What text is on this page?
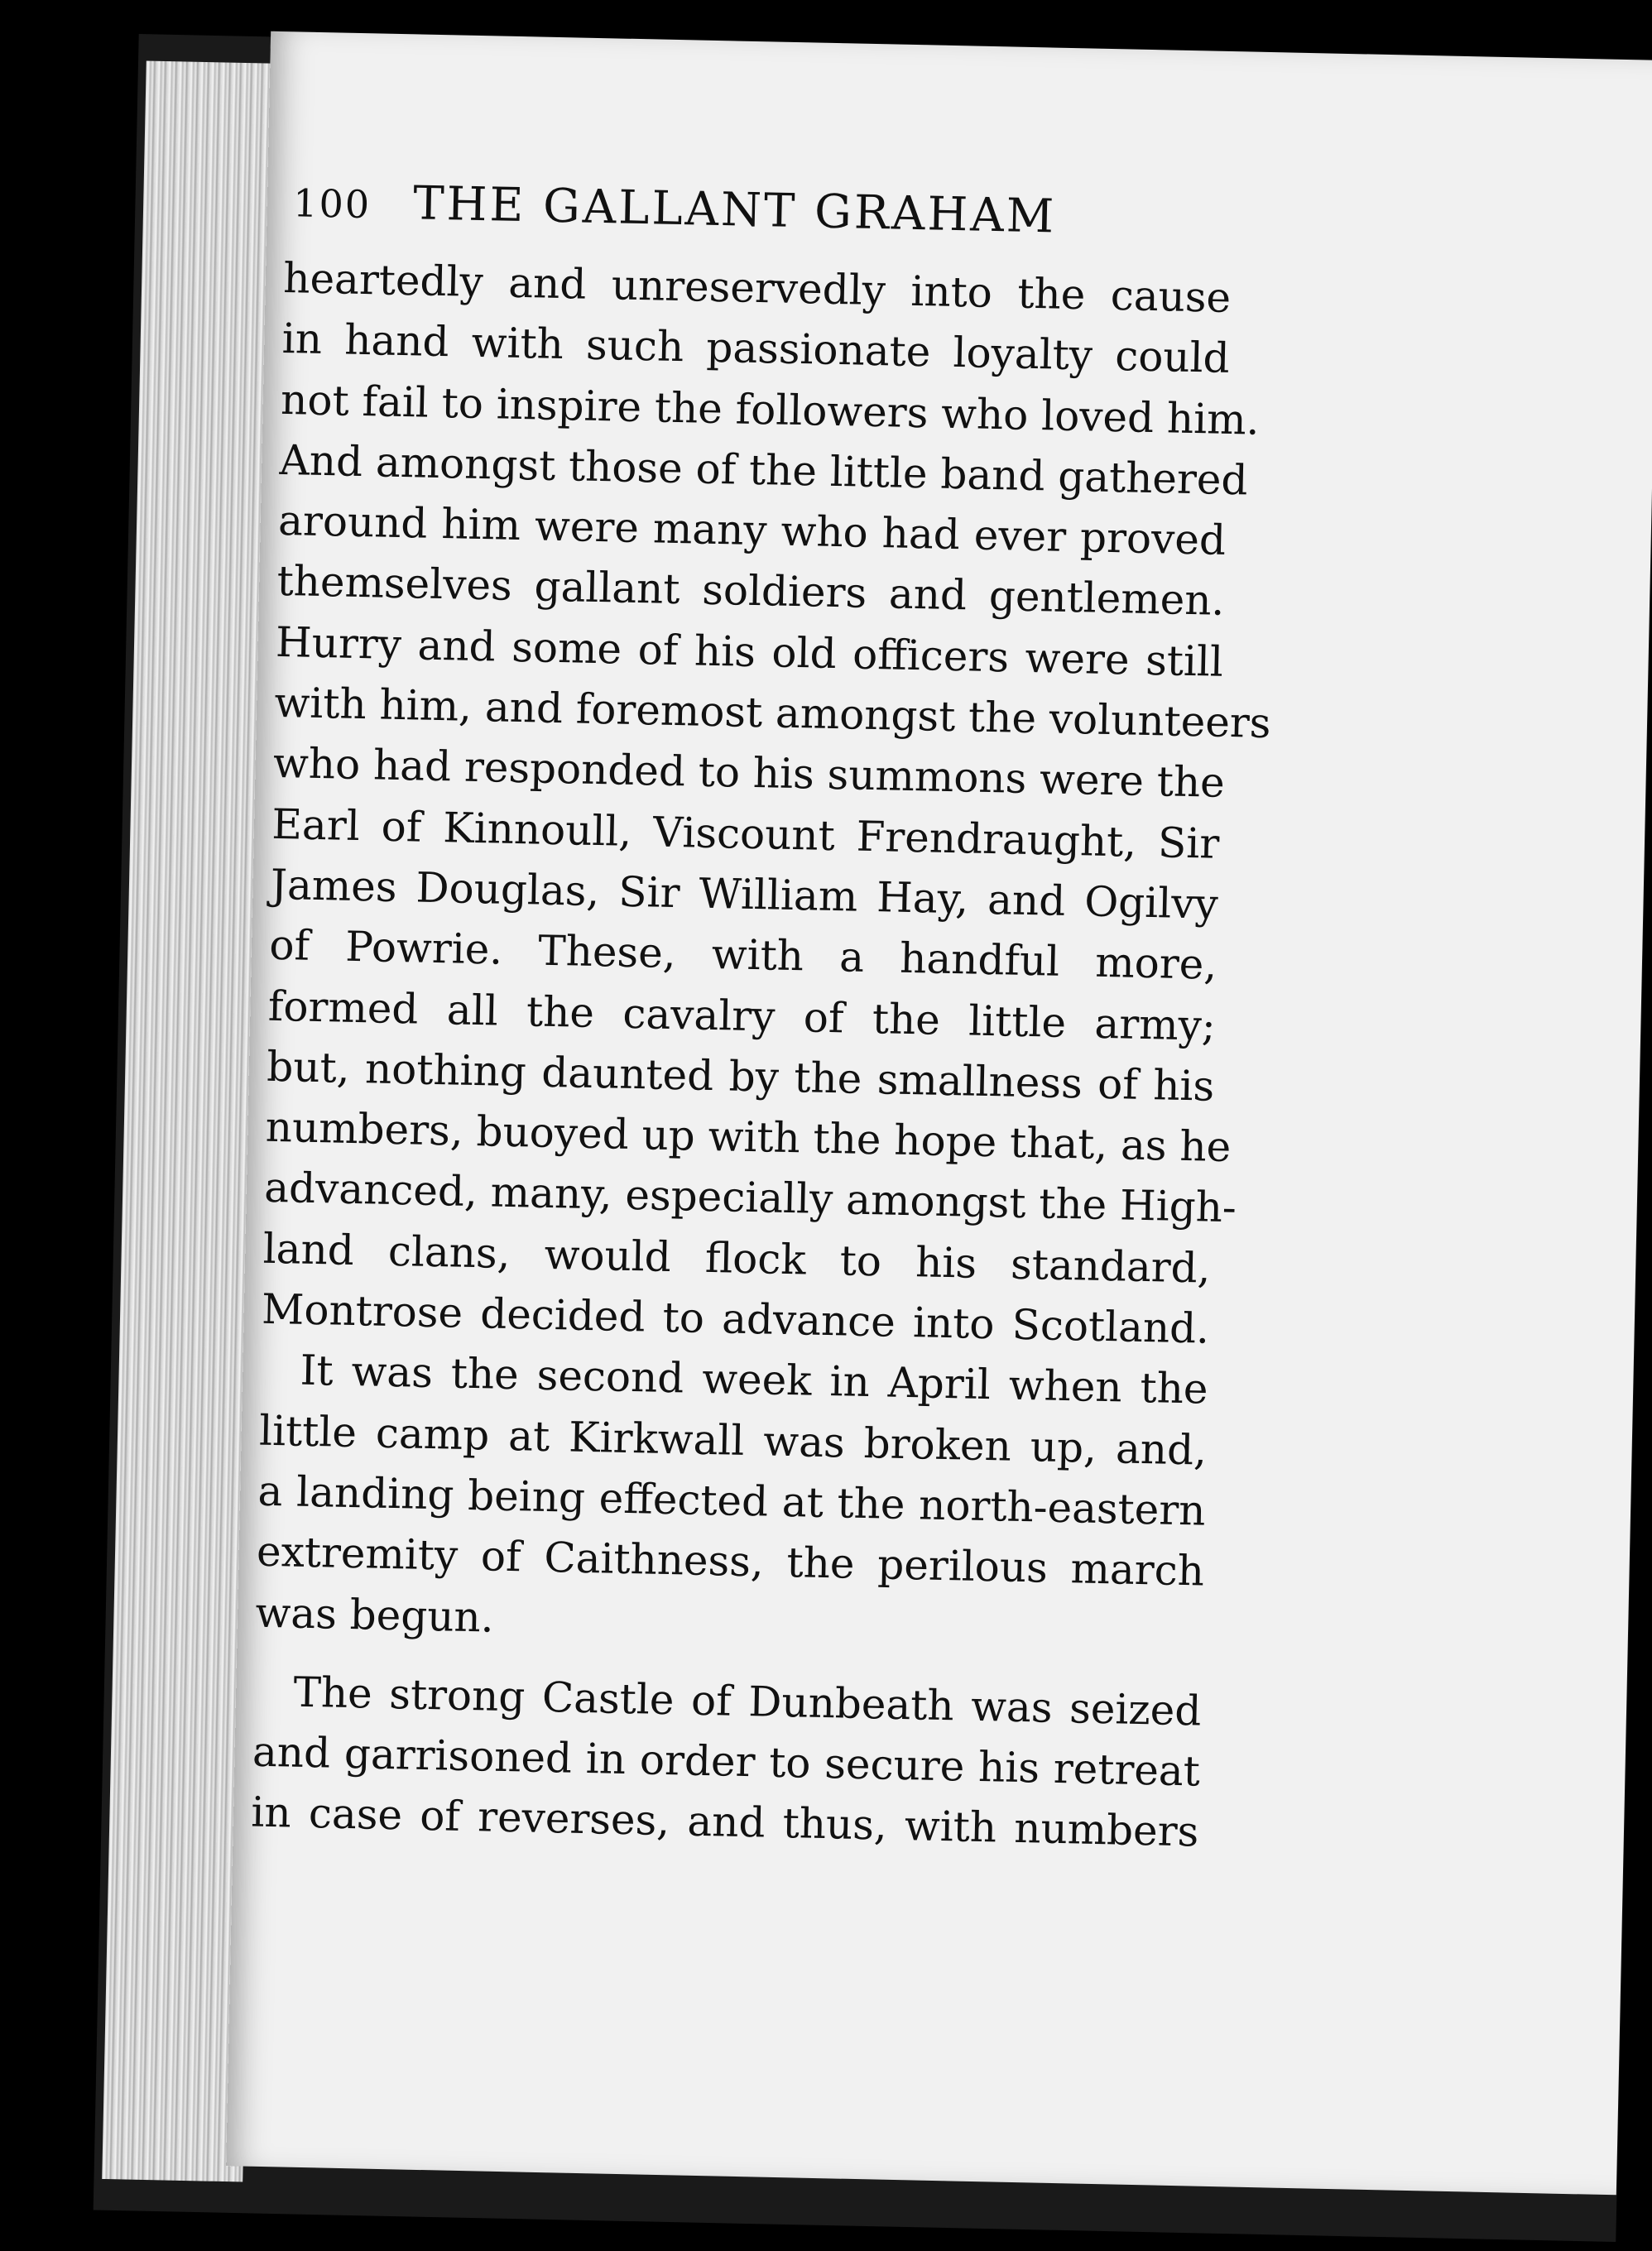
100 THE GALLANT GRAHAM
heartedly and unreservedly into the cause
in hand with such passionate loyalty could
not fail to inspire the followers who loved him.
And amongst those of the little band gathered
around him were many who had ever proved
themselves gallant soldiers and gentlemen.
Hurry and some of his old officers were still
with him, and foremost amongst the volunteers
who had responded to his summons were the
Earl of Kinnoull, Viscount Frendraught, Sir
James Douglas, Sir William Hay, and Ogilvy
of Powrie. These, with a handful more,
formed all the cavalry of the little army;
but, nothing daunted by the smallness of his
numbers, buoyed up with the hope that, as he
advanced, many, especially amongst the High-
land clans, would flock to his standard,
Montrose decided to advance into Scotland.
It was the second week in April when the
little camp at Kirkwall was broken up, and,
a landing being effected at the north-eastern
extremity of Caithness, the perilous march
was begun.
The strong Castle of Dunbeath was seized
and garrisoned in order to secure his retreat
in case of reverses, and thus, with numbers
